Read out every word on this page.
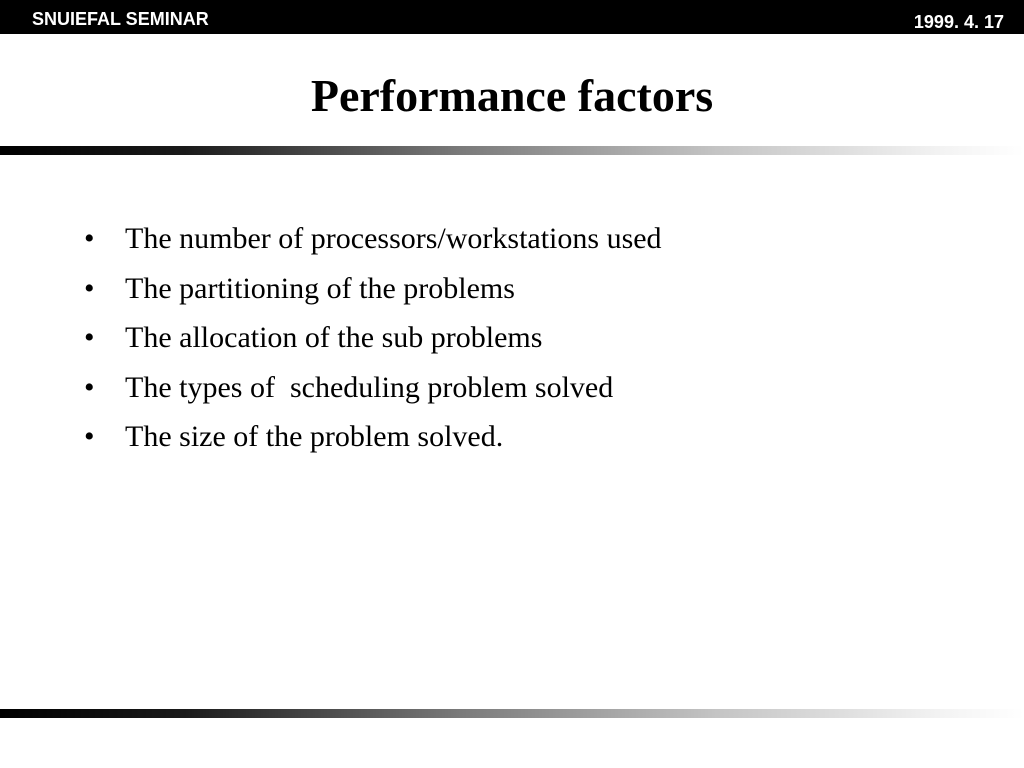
SNUIEFAL SEMINAR	1999. 4. 17
Performance factors

•

	The number of processors/workstations used

•

	The partitioning of the problems

•

	The allocation of the sub problems

•

	The types of  scheduling problem solved

•

	The size of the problem solved.
